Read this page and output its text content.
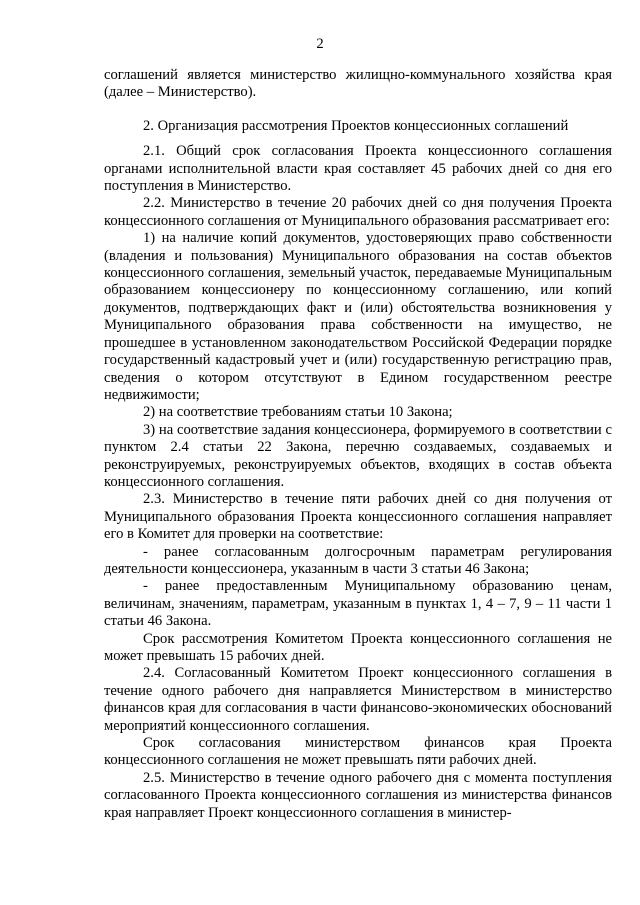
2

соглашений является министерство жилищно-коммунального хозяйства края (далее – Министерство).

2. Организация рассмотрения Проектов концессионных соглашений

2.1. Общий срок согласования Проекта концессионного соглашения органами исполнительной власти края составляет 45 рабочих дней со дня его поступления в Министерство.

2.2. Министерство в течение 20 рабочих дней со дня получения Проекта концессионного соглашения от Муниципального образования рассматривает его:

1) на наличие копий документов, удостоверяющих право собственности (владения и пользования) Муниципального образования на состав объектов концессионного соглашения, земельный участок, передаваемые Муниципальным образованием концессионеру по концессионному соглашению, или копий документов, подтверждающих факт и (или) обстоятельства возникновения у Муниципального образования права собственности на имущество, не прошедшее в установленном законодательством Российской Федерации порядке государственный кадастровый учет и (или) государственную регистрацию прав, сведения о котором отсутствуют в Едином государственном реестре недвижимости;

2) на соответствие требованиям статьи 10 Закона;

3) на соответствие задания концессионера, формируемого в соответствии с пунктом 2.4 статьи 22 Закона, перечню создаваемых, создаваемых и реконструируемых, реконструируемых объектов, входящих в состав объекта концессионного соглашения.

2.3. Министерство в течение пяти рабочих дней со дня получения от Муниципального образования Проекта концессионного соглашения направляет его в Комитет для проверки на соответствие:

- ранее согласованным долгосрочным параметрам регулирования деятельности концессионера, указанным в части 3 статьи 46 Закона;

- ранее предоставленным Муниципальному образованию ценам, величинам, значениям, параметрам, указанным в пунктах 1, 4 – 7, 9 – 11 части 1 статьи 46 Закона.

Срок рассмотрения Комитетом Проекта концессионного соглашения не может превышать 15 рабочих дней.

2.4. Согласованный Комитетом Проект концессионного соглашения в течение одного рабочего дня направляется Министерством в министерство финансов края для согласования в части финансово-экономических обоснований мероприятий концессионного соглашения.

Срок согласования министерством финансов края Проекта концессионного соглашения не может превышать пяти рабочих дней.

2.5. Министерство в течение одного рабочего дня с момента поступления согласованного Проекта концессионного соглашения из министерства финансов края направляет Проект концессионного соглашения в министер-
